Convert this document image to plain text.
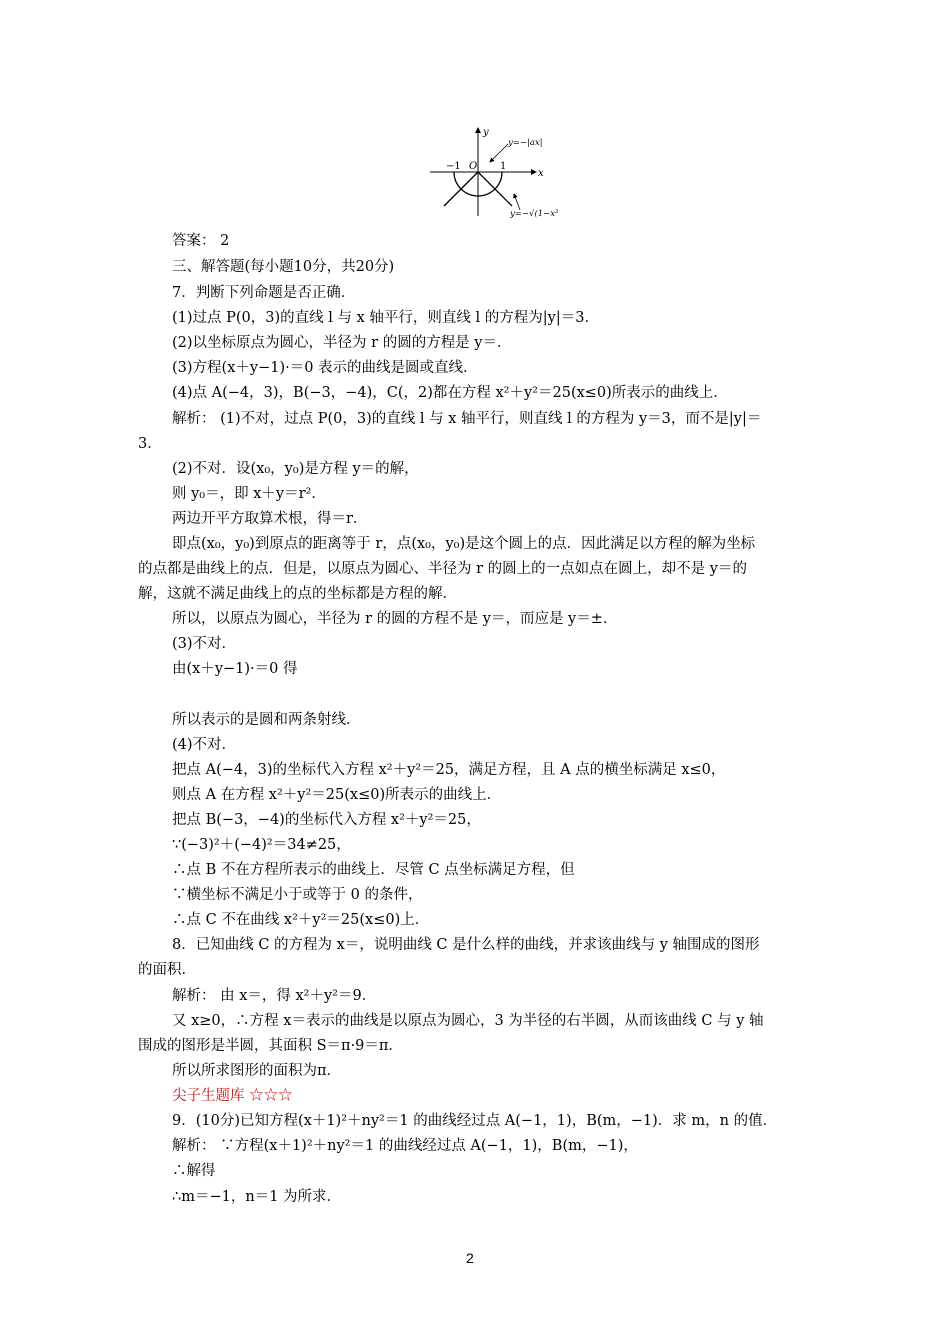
y
x
O
−1	1
y=−|ax|
y=−√(1−x²)
答案： 2
三、解答题(每小题10分，共20分)
7．判断下列命题是否正确．
(1)过点 P(0，3)的直线 l 与 x 轴平行，则直线 l 的方程为|y|＝3．
(2)以坐标原点为圆心，半径为 r 的圆的方程是 y＝．
(3)方程(x＋y−1)·＝0 表示的曲线是圆或直线．
(4)点 A(−4，3)，B(−3，−4)，C(，2)都在方程 x²＋y²＝25(x≤0)所表示的曲线上．
解析： (1)不对，过点 P(0，3)的直线 l 与 x 轴平行，则直线 l 的方程为 y＝3，而不是|y|＝
3．
(2)不对．设(x₀，y₀)是方程 y＝的解，
则 y₀＝，即 x＋y＝r²．
两边开平方取算术根，得＝r．
即点(x₀，y₀)到原点的距离等于 r，点(x₀，y₀)是这个圆上的点．因此满足以方程的解为坐标
的点都是曲线上的点．但是，以原点为圆心、半径为 r 的圆上的一点如点在圆上，却不是 y＝的
解，这就不满足曲线上的点的坐标都是方程的解．
所以，以原点为圆心，半径为 r 的圆的方程不是 y＝，而应是 y＝±．
(3)不对．
由(x＋y−1)·＝0 得
所以表示的是圆和两条射线．
(4)不对．
把点 A(−4，3)的坐标代入方程 x²＋y²＝25，满足方程，且 A 点的横坐标满足 x≤0，
则点 A 在方程 x²＋y²＝25(x≤0)所表示的曲线上．
把点 B(−3，−4)的坐标代入方程 x²＋y²＝25，
∵(−3)²＋(−4)²＝34≠25，
∴点 B 不在方程所表示的曲线上．尽管 C 点坐标满足方程，但
∵横坐标不满足小于或等于 0 的条件，
∴点 C 不在曲线 x²＋y²＝25(x≤0)上．
8．已知曲线 C 的方程为 x＝，说明曲线 C 是什么样的曲线，并求该曲线与 y 轴围成的图形
的面积．
解析： 由 x＝，得 x²＋y²＝9．
又 x≥0，∴方程 x＝表示的曲线是以原点为圆心，3 为半径的右半圆，从而该曲线 C 与 y 轴
围成的图形是半圆，其面积 S＝π·9＝π．
所以所求图形的面积为π．
尖子生题库 ☆☆☆
9．(10分)已知方程(x＋1)²＋ny²＝1 的曲线经过点 A(−1，1)，B(m，−1)．求 m，n 的值．
解析： ∵方程(x＋1)²＋ny²＝1 的曲线经过点 A(−1，1)，B(m，−1)，
∴解得
∴m＝−1，n＝1 为所求．
2
